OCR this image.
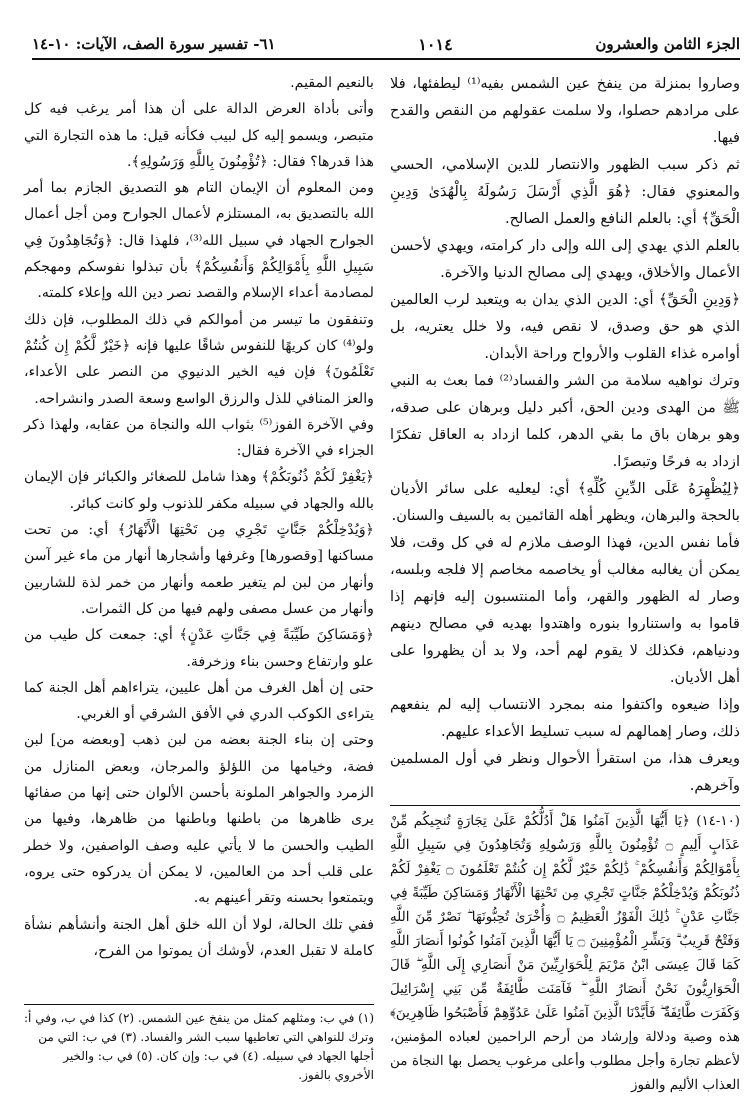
الجزء الثامن والعشرون
١٠١٤
٦١- تفسير سورة الصف، الآيات: ١٠-١٤

وصاروا بمنزلة من ينفخ عين الشمس بفيه⁽¹⁾ ليطفئها، فلا على مرادهم حصلوا، ولا سلمت عقولهم من النقص والقدح فيها.

ثم ذكر سبب الظهور والانتصار للدين الإسلامي، الحسي والمعنوي فقال: ﴿هُوَ الَّذِي أَرْسَلَ رَسُولَهُ بِالْهُدَىٰ وَدِينِ الْحَقِّ﴾ أي: بالعلم النافع والعمل الصالح.

بالعلم الذي يهدي إلى الله وإلى دار كرامته، ويهدي لأحسن الأعمال والأخلاق، ويهدي إلى مصالح الدنيا والآخرة.

﴿وَدِينِ الْحَقِّ﴾ أي: الدين الذي يدان به ويتعبد لرب العالمين الذي هو حق وصدق، لا نقص فيه، ولا خلل يعتريه، بل أوامره غذاء القلوب والأرواح وراحة الأبدان.

وترك نواهيه سلامة من الشر والفساد⁽²⁾ فما بعث به النبي ﷺ من الهدى ودين الحق، أكبر دليل وبرهان على صدقه، وهو برهان باق ما بقي الدهر، كلما ازداد به العاقل تفكرًا ازداد به فرحًا وتبصرًا.

﴿لِيُظْهِرَهُ عَلَى الدِّينِ كُلِّهِ﴾ أي: ليعليه على سائر الأديان بالحجة والبرهان، ويظهر أهله القائمين به بالسيف والسنان.

فأما نفس الدين، فهذا الوصف ملازم له في كل وقت، فلا يمكن أن يغالبه مغالب أو يخاصمه مخاصم إلا فلجه وبلسه، وصار له الظهور والقهر، وأما المنتسبون إليه فإنهم إذا قاموا به واستناروا بنوره واهتدوا بهديه في مصالح دينهم ودنياهم، فكذلك لا يقوم لهم أحد، ولا بد أن يظهروا على أهل الأديان.

وإذا ضيعوه واكتفوا منه بمجرد الانتساب إليه لم ينفعهم ذلك، وصار إهمالهم له سبب تسليط الأعداء عليهم.

ويعرف هذا، من استقرأ الأحوال ونظر في أول المسلمين وآخرهم.

(١٠-١٤) ﴿يَا أَيُّهَا الَّذِينَ آمَنُوا هَلْ أَدُلُّكُمْ عَلَىٰ تِجَارَةٍ تُنجِيكُم مِّنْ عَذَابٍ أَلِيمٍ ۝ تُؤْمِنُونَ بِاللَّهِ وَرَسُولِهِ وَتُجَاهِدُونَ فِي سَبِيلِ اللَّهِ بِأَمْوَالِكُمْ وَأَنفُسِكُمْ ۚ ذَٰلِكُمْ خَيْرٌ لَّكُمْ إِن كُنتُمْ تَعْلَمُونَ ۝ يَغْفِرْ لَكُمْ ذُنُوبَكُمْ وَيُدْخِلْكُمْ جَنَّاتٍ تَجْرِي مِن تَحْتِهَا الْأَنْهَارُ وَمَسَاكِنَ طَيِّبَةً فِي جَنَّاتِ عَدْنٍ ۚ ذَٰلِكَ الْفَوْزُ الْعَظِيمُ ۝ وَأُخْرَىٰ تُحِبُّونَهَا ۖ نَصْرٌ مِّنَ اللَّهِ وَفَتْحٌ قَرِيبٌ ۗ وَبَشِّرِ الْمُؤْمِنِينَ ۝ يَا أَيُّهَا الَّذِينَ آمَنُوا كُونُوا أَنصَارَ اللَّهِ كَمَا قَالَ عِيسَى ابْنُ مَرْيَمَ لِلْحَوَارِيِّينَ مَنْ أَنصَارِي إِلَى اللَّهِ ۖ قَالَ الْحَوَارِيُّونَ نَحْنُ أَنصَارُ اللَّهِ ۖ فَآمَنَت طَّائِفَةٌ مِّن بَنِي إِسْرَائِيلَ وَكَفَرَت طَّائِفَةٌ ۖ فَأَيَّدْنَا الَّذِينَ آمَنُوا عَلَىٰ عَدُوِّهِمْ فَأَصْبَحُوا ظَاهِرِينَ﴾ هذه وصية ودلالة وإرشاد من أرحم الراحمين لعباده المؤمنين، لأعظم تجارة وأجل مطلوب وأعلى مرغوب يحصل بها النجاة من العذاب الأليم والفوز

بالنعيم المقيم.

وأتى بأداة العرض الدالة على أن هذا أمر يرغب فيه كل متبصر، ويسمو إليه كل لبيب فكأنه قيل: ما هذه التجارة التي هذا قدرها؟ فقال: ﴿تُؤْمِنُونَ بِاللَّهِ وَرَسُولِهِ﴾.

ومن المعلوم أن الإيمان التام هو التصديق الجازم بما أمر الله بالتصديق به، المستلزم لأعمال الجوارح ومن أجل أعمال الجوارح الجهاد في سبيل الله⁽³⁾، فلهذا قال: ﴿وَتُجَاهِدُونَ فِي سَبِيلِ اللَّهِ بِأَمْوَالِكُمْ وَأَنفُسِكُمْ﴾ بأن تبذلوا نفوسكم ومهجكم لمصادمة أعداء الإسلام والقصد نصر دين الله وإعلاء كلمته.

وتنفقون ما تيسر من أموالكم في ذلك المطلوب، فإن ذلك ولو⁽⁴⁾ كان كريهًا للنفوس شاقًا عليها فإنه ﴿خَيْرٌ لَّكُمْ إِن كُنتُمْ تَعْلَمُونَ﴾ فإن فيه الخير الدنيوي من النصر على الأعداء، والعز المنافي للذل والرزق الواسع وسعة الصدر وانشراحه.

وفي الآخرة الفوز⁽⁵⁾ بثواب الله والنجاة من عقابه، ولهذا ذكر الجزاء في الآخرة فقال:

﴿يَغْفِرْ لَكُمْ ذُنُوبَكُمْ﴾ وهذا شامل للصغائر والكبائر فإن الإيمان بالله والجهاد في سبيله مكفر للذنوب ولو كانت كبائر.

﴿وَيُدْخِلْكُمْ جَنَّاتٍ تَجْرِي مِن تَحْتِهَا الْأَنْهَارُ﴾ أي: من تحت مساكنها [وقصورها] وغرفها وأشجارها أنهار من ماء غير آسن وأنهار من لبن لم يتغير طعمه وأنهار من خمر لذة للشاربين وأنهار من عسل مصفى ولهم فيها من كل الثمرات.

﴿وَمَسَاكِنَ طَيِّبَةً فِي جَنَّاتِ عَدْنٍ﴾ أي: جمعت كل طيب من علو وارتفاع وحسن بناء وزخرفة.

حتى إن أهل الغرف من أهل عليين، يتراءاهم أهل الجنة كما يتراءى الكوكب الدري في الأفق الشرقي أو الغربي.

وحتى إن بناء الجنة بعضه من لبن ذهب [وبعضه من] لبن فضة، وخيامها من اللؤلؤ والمرجان، وبعض المنازل من الزمرد والجواهر الملونة بأحسن الألوان حتى إنها من صفائها يرى ظاهرها من باطنها وباطنها من ظاهرها، وفيها من الطيب والحسن ما لا يأتي عليه وصف الواصفين، ولا خطر على قلب أحد من العالمين، لا يمكن أن يدركوه حتى يروه، ويتمتعوا بحسنه وتقر أعينهم به.

ففي تلك الحالة، لولا أن الله خلق أهل الجنة وأنشأهم نشأة كاملة لا تقبل العدم، لأوشك أن يموتوا من الفرح،

(١) في ب: ومثلهم كمثل من ينفخ عين الشمس. (٢) كذا في ب، وفي أ: وترك للنواهي التي تعاطيها سبب الشر والفساد. (٣) في ب: التي من أجلها الجهاد في سبيله. (٤) في ب: وإن كان. (٥) في ب: والخير الأخروي بالفوز.
